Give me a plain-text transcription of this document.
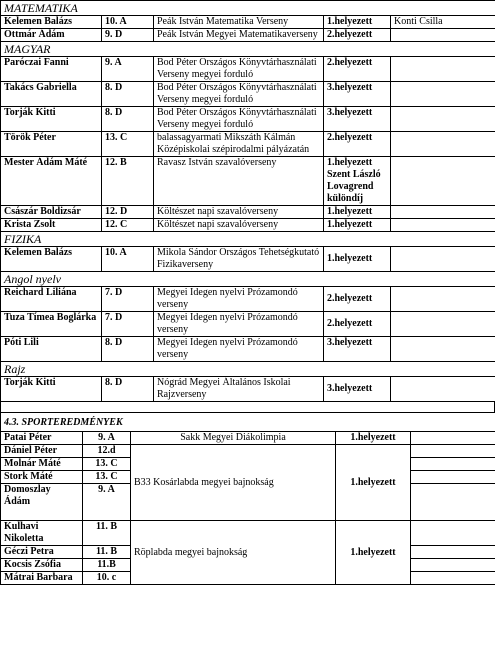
MATEMATIKA				
Kelemen Balázs	10. A	Peák István Matematika Verseny	1.helyezett	Konti Csilla
Ottmár Ádám	9. D	Peák István Megyei Matematikaverseny	2.helyezett	
MAGYAR				
Paróczai Fanni	9. A	Bod Péter Országos Könyvtárhasználati Verseny megyei forduló	2.helyezett	
Takács Gabriella	8. D	Bod Péter Országos Könyvtárhasználati Verseny megyei forduló	3.helyezett	
Torják Kitti	8. D	Bod Péter Országos Könyvtárhasználati Verseny megyei forduló	3.helyezett	
Török Péter	13. C	balassagyarmati Mikszáth Kálmán Középiskolai szépirodalmi pályázatán	2.helyezett	
Mester Ádám Máté	12. B	Ravasz István szavalóverseny	1.helyezett Szent László Lovagrend különdíj	
Császár Boldizsár	12. D	Költészet napi szavalóverseny	1.helyezett	
Krista Zsolt	12. C	Költészet napi szavalóverseny	1.helyezett	
FIZIKA				
Kelemen Balázs	10. A	Mikola Sándor Országos Tehetségkutató Fizikaverseny	1.helyezett	
Angol nyelv				
Reichard Liliána	7. D	Megyei Idegen nyelvi Prózamondó verseny	2.helyezett	
Tuza Tímea Boglárka	7. D	Megyei Idegen nyelvi Prózamondó verseny	2.helyezett	
Póti Lili	8. D	Megyei Idegen nyelvi Prózamondó verseny	3.helyezett	
Rajz				
Torják Kitti	8. D	Nógrád Megyei Általános Iskolai Rajzverseny	3.helyezett	
4.3. SPORTEREDMÉNYEK				
Patai Péter	9. A	Sakk Megyei Diákolimpia	1.helyezett	
Dániel Péter	12.d	B33 Kosárlabda megyei bajnokság	1.helyezett	
Molnár Máté	13. C			
Stork Máté	13. C			
Domoszlay Ádám	9. A			
Kulhavi Nikoletta	11. B	Röplabda megyei bajnokság	1.helyezett	
Géczi Petra	11. B			
Kocsis Zsófia	11.B			
Mátrai Barbara	10. c			
